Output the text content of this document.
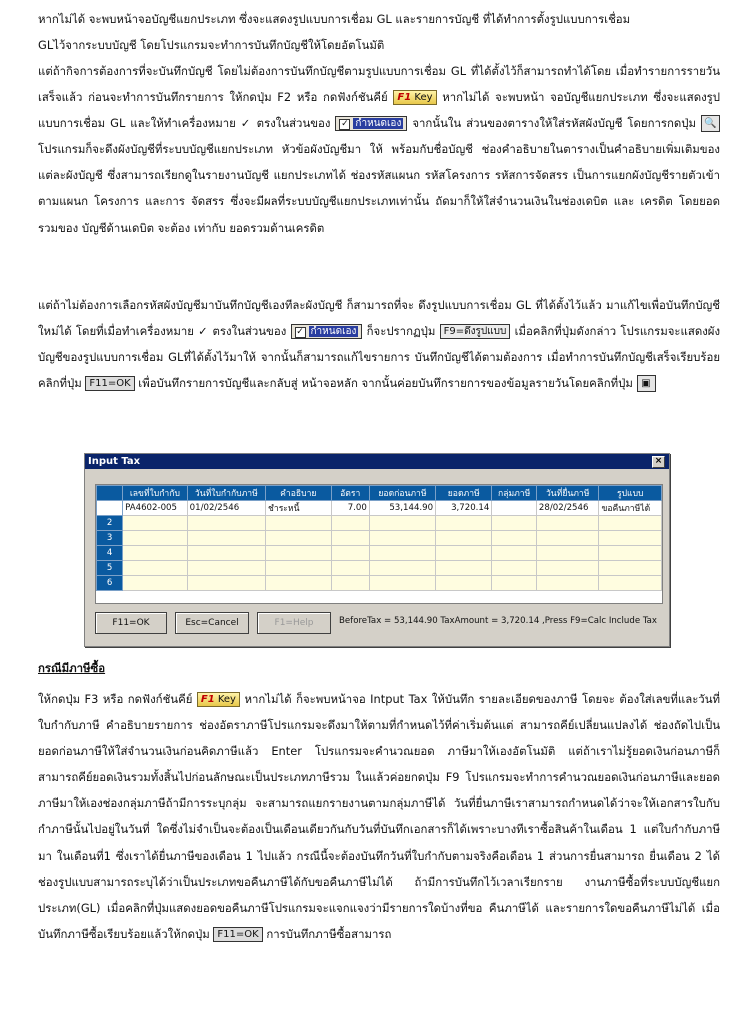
หากไม่ได้ จะพบหน้าจอบัญชีแยกประเภท ซึ่งจะแสดงรูปแบบการเชื่อม GL และรายการบัญชี ที่ได้ทำการตั้งรูปแบบการเชื่อม
GLไว้จากระบบบัญชี โดยโปรแกรมจะทำการบันทึกบัญชีให้โดยอัตโนมัติ

แต่ถ้ากิจการต้องการที่จะบันทึกบัญชี โดยไม่ต้องการบันทึกบัญชีตามรูปแบบการเชื่อม GL ที่ได้ตั้งไว้ก็สามารถทำได้โดย เมื่อทำรายการรายวันเสร็จแล้ว ก่อนจะทำการบันทึกรายการ ให้กดปุ่ม F2 หรือ กดฟังก์ชันคีย์ F1 Key หากไม่ได้ จะพบหน้า จอบัญชีแยกประเภท ซึ่งจะแสดงรูปแบบการเชื่อม GL และให้ทำเครื่องหมาย ✓ ตรงในส่วนของ ✓ กำหนดเอง จากนั้นใน ส่วนของตารางให้ใส่รหัสผังบัญชี โดยการกดปุ่ม 🔍 โปรแกรมก็จะดึงผังบัญชีที่ระบบบัญชีแยกประเภท หัวข้อผังบัญชีมา ให้ พร้อมกับชื่อบัญชี ช่องคำอธิบายในตารางเป็นคำอธิบายเพิ่มเติมของแต่ละผังบัญชี ซึ่งสามารถเรียกดูในรายงานบัญชี แยกประเภทได้ ช่องรหัสแผนก รหัสโครงการ รหัสการจัดสรร เป็นการแยกผังบัญชีรายตัวเข้าตามแผนก โครงการ และการ จัดสรร ซึ่งจะมีผลที่ระบบบัญชีแยกประเภทเท่านั้น ถัดมาก็ให้ใส่จำนวนเงินในช่องเดบิต และ เครดิต โดยยอดรวมของ บัญชีด้านเดบิต จะต้อง เท่ากับ ยอดรวมด้านเครดิต

แต่ถ้าไม่ต้องการเลือกรหัสผังบัญชีมาบันทึกบัญชีเองทีละผังบัญชี ก็สามารถที่จะ ดึงรูปแบบการเชื่อม GL ที่ได้ตั้งไว้แล้ว มาแก้ไขเพื่อบันทึกบัญชีใหม่ได้ โดยที่เมื่อทำเครื่องหมาย ✓ ตรงในส่วนของ ✓ กำหนดเอง ก็จะปรากฏปุ่ม F9=ดึงรูปแบบ เมื่อคลิกที่ปุ่มดังกล่าว โปรแกรมจะแสดงผังบัญชีของรูปแบบการเชื่อม GLที่ได้ตั้งไว้มาให้ จากนั้นก็สามารถแก้ไขรายการ บันทึกบัญชีได้ตามต้องการ เมื่อทำการบันทึกบัญชีเสร็จเรียบร้อยคลิกที่ปุ่ม F11=OK เพื่อบันทึกรายการบัญชีและกลับสู่ หน้าจอหลัก จากนั้นค่อยบันทึกรายการของข้อมูลรายวันโดยคลิกที่ปุ่ม ▣

Input Tax	×
	เลขที่ใบกำกับ	วันที่ใบกำกับภาษี	คำอธิบาย	อัตรา	ยอดก่อนภาษี	ยอดภาษี	กลุ่มภาษี	วันที่ยื่นภาษี	รูปแบบ
1	PA4602-005	01/02/2546	ชำระหนี้	7.00	53,144.90	3,720.14		28/02/2546	ขอคืนภาษีได้
2									
3									
4									
5									
6									
F11=OK	Esc=Cancel	F1=Help	BeforeTax = 53,144.90 TaxAmount = 3,720.14 ,Press F9=Calc Include Tax
กรณีมีภาษีซื้อ

ให้กดปุ่ม F3 หรือ กดฟังก์ชันคีย์ F1 Key หากไม่ได้ ก็จะพบหน้าจอ Intput Tax ให้บันทึก รายละเอียดของภาษี โดยจะ ต้องใส่เลขที่และวันที่ใบกำกับภาษี คำอธิบายรายการ ช่องอัตราภาษีโปรแกรมจะดึงมาให้ตามที่กำหนดไว้ที่ค่าเริ่มต้นแต่ สามารถคีย์เปลี่ยนแปลงได้ ช่องถัดไปเป็นยอดก่อนภาษีให้ใส่จำนวนเงินก่อนคิดภาษีแล้ว Enter โปรแกรมจะคำนวณยอด ภาษีมาให้เองอัตโนมัติ แต่ถ้าเราไม่รู้ยอดเงินก่อนภาษีก็สามารถคีย์ยอดเงินรวมทั้งสิ้นไปก่อนลักษณะเป็นประเภทภาษีรวม ในแล้วค่อยกดปุ่ม F9 โปรแกรมจะทำการคำนวณยอดเงินก่อนภาษีและยอดภาษีมาให้เองช่องกลุ่มภาษีถ้ามีการระบุกลุ่ม จะสามารถแยกรายงานตามกลุ่มภาษีได้ วันที่ยื่นภาษีเราสามารถกำหนดได้ว่าจะให้เอกสารใบกับกำภาษีนั้นไปอยู่ในวันที่ ใดซึ่งไม่จำเป็นจะต้องเป็นเดือนเดียวกันกับวันที่บันทึกเอกสารก็ได้เพราะบางทีเราซื้อสินค้าในเดือน 1 แต่ใบกำกับภาษีมา ในเดือนที่1 ซึ่งเราได้ยื่นภาษีของเดือน 1 ไปแล้ว กรณีนี้จะต้องบันทึกวันที่ใบกำกับตามจริงคือเดือน 1 ส่วนการยื่นสามารถ ยื่นเดือน 2 ได้ ช่องรูปแบบสามารถระบุได้ว่าเป็นประเภทขอคืนภาษีได้กับขอคืนภาษีไม่ได้ ถ้ามีการบันทึกไว้เวลาเรียกราย งานภาษีซื้อที่ระบบบัญชีแยกประเภท(GL) เมื่อคลิกที่ปุ่มแสดงยอดขอคืนภาษีโปรแกรมจะแจกแจงว่ามีรายการใดบ้างที่ขอ คืนภาษีได้ และรายการใดขอคืนภาษีไม่ได้ เมื่อบันทึกภาษีซื้อเรียบร้อยแล้วให้กดปุ่ม F11=OK การบันทึกภาษีซื้อสามารถ
